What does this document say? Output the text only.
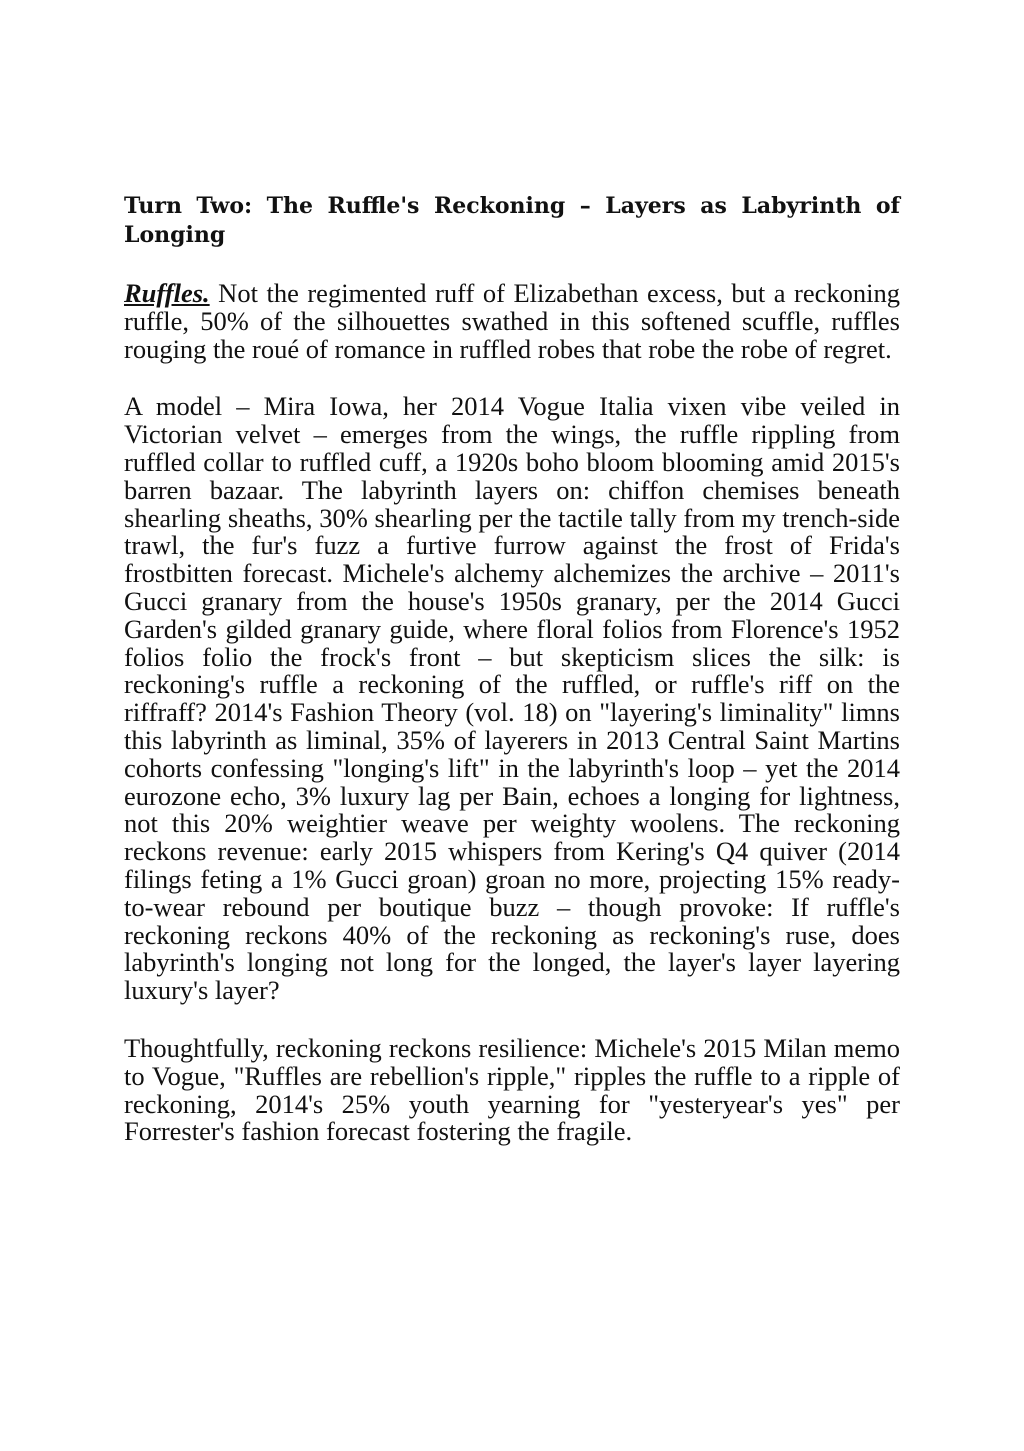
Turn Two: The Ruffle's Reckoning – Layers as Labyrinth of Longing

Ruffles. Not the regimented ruff of Elizabethan excess, but a reckoning ruffle, 50% of the silhouettes swathed in this softened scuffle, ruffles rouging the roué of romance in ruffled robes that robe the robe of regret.

A model – Mira Iowa, her 2014 Vogue Italia vixen vibe veiled in Victorian velvet – emerges from the wings, the ruffle rippling from ruffled collar to ruffled cuff, a 1920s boho bloom blooming amid 2015's barren bazaar. The labyrinth layers on: chiffon chemises beneath shearling sheaths, 30% shearling per the tactile tally from my trench-side trawl, the fur's fuzz a furtive furrow against the frost of Frida's frostbitten forecast. Michele's alchemy alchemizes the archive – 2011's Gucci granary from the house's 1950s granary, per the 2014 Gucci Garden's gilded granary guide, where floral folios from Florence's 1952 folios folio the frock's front – but skepticism slices the silk: is reckoning's ruffle a reckoning of the ruffled, or ruffle's riff on the riffraff? 2014's Fashion Theory (vol. 18) on "layering's liminality" limns this labyrinth as liminal, 35% of layerers in 2013 Central Saint Martins cohorts confessing "longing's lift" in the labyrinth's loop – yet the 2014 eurozone echo, 3% luxury lag per Bain, echoes a longing for lightness, not this 20% weightier weave per weighty woolens. The reckoning reckons revenue: early 2015 whispers from Kering's Q4 quiver (2014 filings feting a 1% Gucci groan) groan no more, projecting 15% ready-to-wear rebound per boutique buzz – though provoke: If ruffle's reckoning reckons 40% of the reckoning as reckoning's ruse, does labyrinth's longing not long for the longed, the layer's layer layering luxury's layer?

Thoughtfully, reckoning reckons resilience: Michele's 2015 Milan memo to Vogue, "Ruffles are rebellion's ripple," ripples the ruffle to a ripple of reckoning, 2014's 25% youth yearning for "yesteryear's yes" per Forrester's fashion forecast fostering the fragile.
